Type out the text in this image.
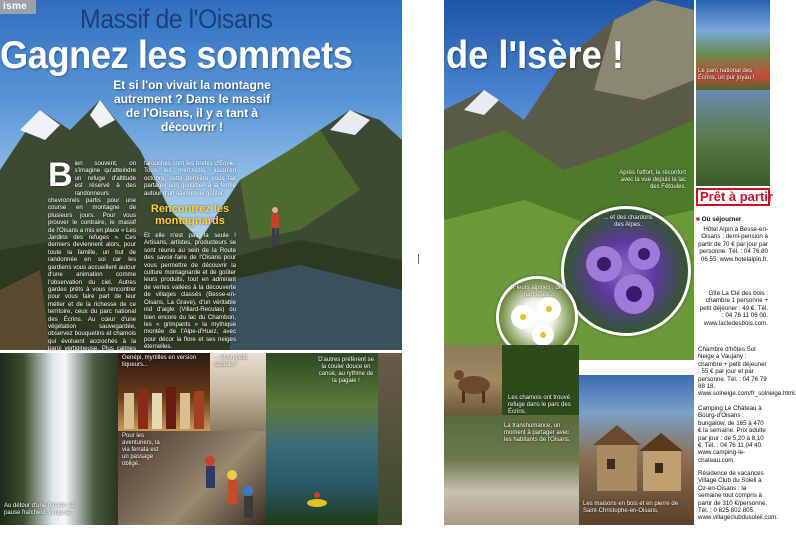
isme	Massif de l'Oisans
Gagnez les sommets
Et si l'on vivait la montagne autrement ? Dans le massif de l'Oisans, il y a tant à découvrir !
B ien souvent, on s'imagine qu'atteindre un refuge d'altitude est réservé à des randonneurs chevronnés partis pour une course en montagne de plusieurs jours. Pour vous prouver le contraire, le massif de l'Oisans a mis en place « Les Jardins des refuges ». Ces derniers deviennent alors, pour toute la famille, un but de randonnée en soi car les gardiens vous accueillent autour d'une animation comme l'observation du ciel. Autres gardes prêts à vous rencontrer pour vous faire part de leur métier et de la richesse de ce territoire, ceux du parc national des Écrins. Au cœur d'une végétation sauvegardée, observez bouquetins et chamois qui évoluent accrochés à la paroi vertigineuse. Plus calmes
farouches sont les brebis d'Émile. Tous les mercredis, jusqu'en octobre, cette dernière vous fait partager son quotidien à la ferme autour d'un savoureux goûter.
Rencontrez les montagnards
Et elle n'est pas la seule ! Artisans, artistes, producteurs se sont réunis au sein de la Route des savoir-faire de l'Oisans pour vous permettre de découvrir la culture montagnarde et de goûter leurs produits, tout en admirant de vertes vallées à la découverte de villages classés (Besse-en-Oisans, La Grave), d'un véritable nid d'aigle (Villard-Reculas) ou bien encore du lac du Chambon, les « grimpants » la mythique montée de l'Alpe-d'Huez, avec pour décor la flore et ses neiges éternelles.
Au détour d'une balade, la pause fraîcheur s'impose.
Genépi, myrtilles en version liqueurs...
... et un petit cadeau !
Pour les aventuriers, la via ferrata est un passage obligé.
D'autres préfèrent se la couler douce en canoë, au rythme de la pagaie !
de l'Isère !
Après l'effort, le réconfort avec la vue depuis le lac des Fétoules.
... et des chardons des Alpes.
Fleurs alpines : des narcisses...
Les chamois ont trouvé refuge dans le parc des Écrins.
La transhumance, un moment à partager avec les habitants de l'Oisans.
Les maisons en bois et en pierre de Saint-Christophe-en-Oisans.
Le parc national des Écrins, un pur joyau !
Prêt à partir
■ Où séjourner
Hôtel Alpin à Besse-en-Oisans : demi-pension à partir de 70 € par jour par personne. Tél. : 04 76 80 06 55. www.hotelalpin.fr.
Gîte La Clé des bois : chambre 1 personne + petit déjeuner : 49 €. Tél. : 04 76 11 06 00. www.lacledesbois.com.
Chambre d'hôtes Sol Neige à Vaujany : chambre + petit déjeuner : 55 € par jour et par personne. Tél. : 04 76 79 88 18. www.solneige.com/fr_solneige.html.
Camping Le Château à Bourg-d'Oisans : bungalow, de 165 à 470 € la semaine. Prix adulte par jour : de 5,20 à 8,10 €. Tél. : 04 76 11 04 40. www.camping-le-chateau.com.
Résidence de vacances Village Club du Soleil à Oz-en-Oisans : la semaine tout compris à partir de 310 €/personne. Tél. : 0 825 802 805. www.villageclubdusoleil.com.
